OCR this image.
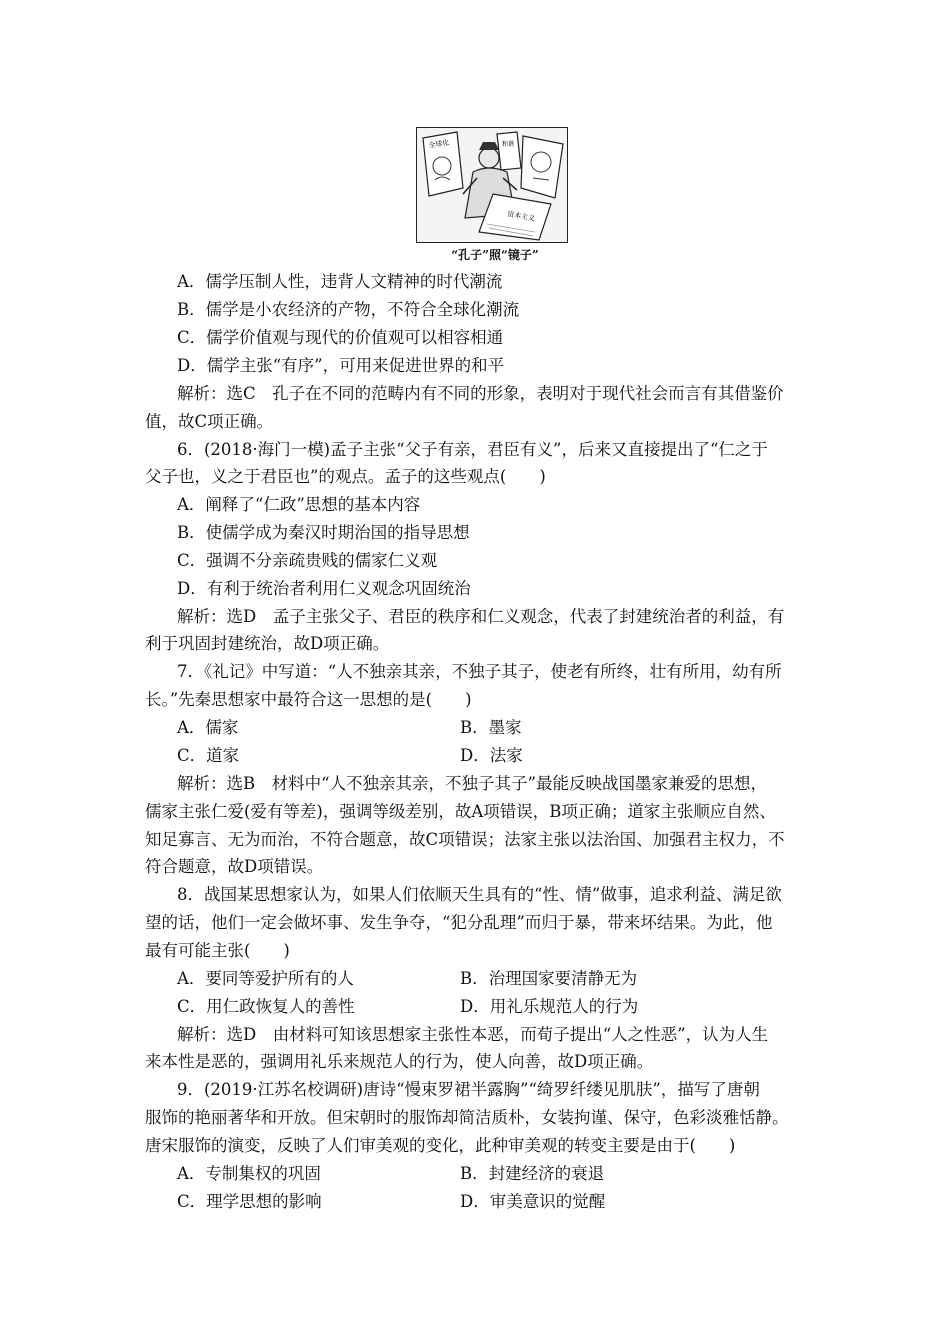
全球化	和谐
资本主义
“孔子”照“镜子”
A．儒学压制人性，违背人文精神的时代潮流
B．儒学是小农经济的产物，不符合全球化潮流
C．儒学价值观与现代的价值观可以相容相通
D．儒学主张“有序”，可用来促进世界的和平
解析：选C　孔子在不同的范畴内有不同的形象，表明对于现代社会而言有其借鉴价
值，故C项正确。
6．(2018·海门一模)孟子主张“父子有亲，君臣有义”，后来又直接提出了“仁之于
父子也，义之于君臣也”的观点。孟子的这些观点(　　)
A．阐释了“仁政”思想的基本内容
B．使儒学成为秦汉时期治国的指导思想
C．强调不分亲疏贵贱的儒家仁义观
D．有利于统治者利用仁义观念巩固统治
解析：选D　孟子主张父子、君臣的秩序和仁义观念，代表了封建统治者的利益，有
利于巩固封建统治，故D项正确。
7．《礼记》中写道：“人不独亲其亲，不独子其子，使老有所终，壮有所用，幼有所
长。”先秦思想家中最符合这一思想的是(　　)
A．儒家	B．墨家
C．道家	D．法家
解析：选B　材料中“人不独亲其亲，不独子其子”最能反映战国墨家兼爱的思想，
儒家主张仁爱(爱有等差)，强调等级差别，故A项错误，B项正确；道家主张顺应自然、
知足寡言、无为而治，不符合题意，故C项错误；法家主张以法治国、加强君主权力，不
符合题意，故D项错误。
8．战国某思想家认为，如果人们依顺天生具有的“性、情”做事，追求利益、满足欲
望的话，他们一定会做坏事、发生争夺，“犯分乱理”而归于暴，带来坏结果。为此，他
最有可能主张(　　)
A．要同等爱护所有的人	B．治理国家要清静无为
C．用仁政恢复人的善性	D．用礼乐规范人的行为
解析：选D　由材料可知该思想家主张性本恶，而荀子提出“人之性恶”，认为人生
来本性是恶的，强调用礼乐来规范人的行为，使人向善，故D项正确。
9．(2019·江苏名校调研)唐诗“慢束罗裙半露胸”“绮罗纤缕见肌肤”，描写了唐朝
服饰的艳丽著华和开放。但宋朝时的服饰却简洁质朴，女装拘谨、保守，色彩淡雅恬静。
唐宋服饰的演变，反映了人们审美观的变化，此种审美观的转变主要是由于(　　)
A．专制集权的巩固	B．封建经济的衰退
C．理学思想的影响	D．审美意识的觉醒
